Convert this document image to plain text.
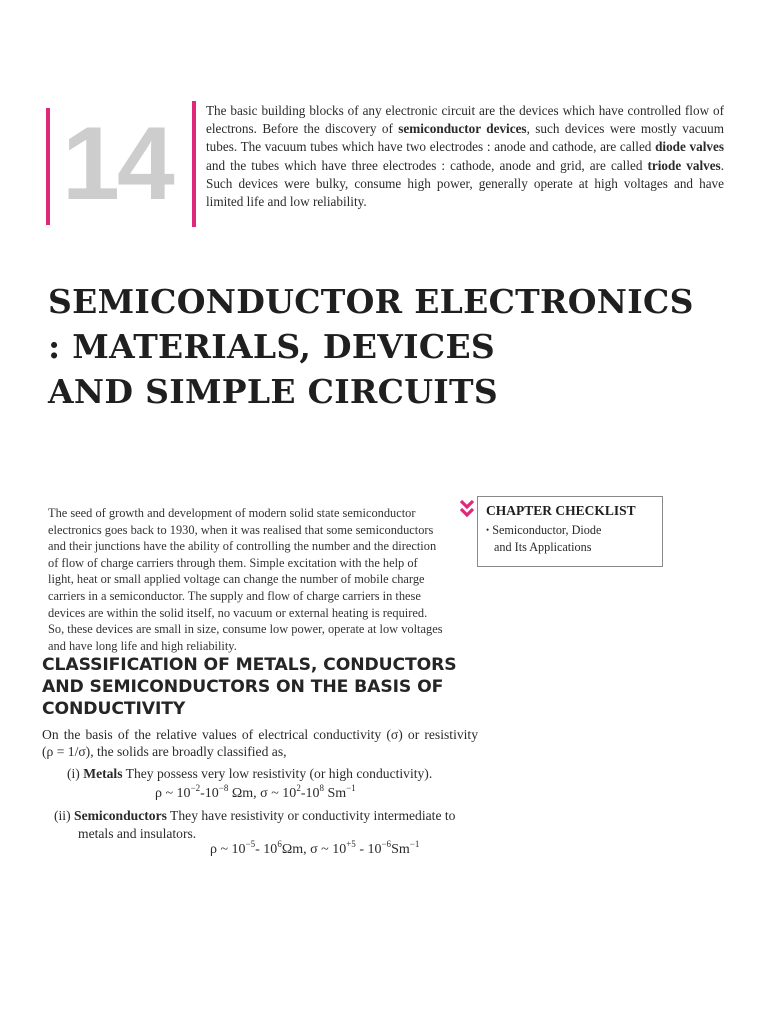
14	The basic building blocks of any electronic circuit are the devices which have controlled flow of electrons. Before the discovery of semiconductor devices, such devices were mostly vacuum tubes. The vacuum tubes which have two electrodes : anode and cathode, are called diode valves and the tubes which have three electrodes : cathode, anode and grid, are called triode valves. Such devices were bulky, consume high power, generally operate at high voltages and have limited life and low reliability.

SEMICONDUCTOR ELECTRONICS
: MATERIALS, DEVICES
AND SIMPLE CIRCUITS
The seed of growth and development of modern solid state semiconductor
electronics goes back to 1930, when it was realised that some semiconductors
and their junctions have the ability of controlling the number and the direction
of flow of charge carriers through them. Simple excitation with the help of
light, heat or small applied voltage can change the number of mobile charge
carriers in a semiconductor. The supply and flow of charge carriers in these
devices are within the solid itself, no vacuum or external heating is required.
So, these devices are small in size, consume low power, operate at low voltages
and have long life and high reliability.
CHAPTER CHECKLIST
• Semiconductor, Diode
and Its Applications
CLASSIFICATION OF METALS, CONDUCTORS
AND SEMICONDUCTORS ON THE BASIS OF
CONDUCTIVITY
On the basis of the relative values of electrical conductivity (σ) or resistivity
(ρ = 1/σ), the solids are broadly classified as,
(i) Metals They possess very low resistivity (or high conductivity).
ρ ~ $10^{-2}-10^{-8}$ Ωm, σ ~ $10^2-10^8$ $Sm^{-1}$
(ii) Semiconductors They have resistivity or conductivity intermediate to
metals and insulators.
ρ ~ $10^{-5}-$ $10^6\Omega m$, σ ~ $10^{+5} - 10^{-6}Sm^{-1}$
